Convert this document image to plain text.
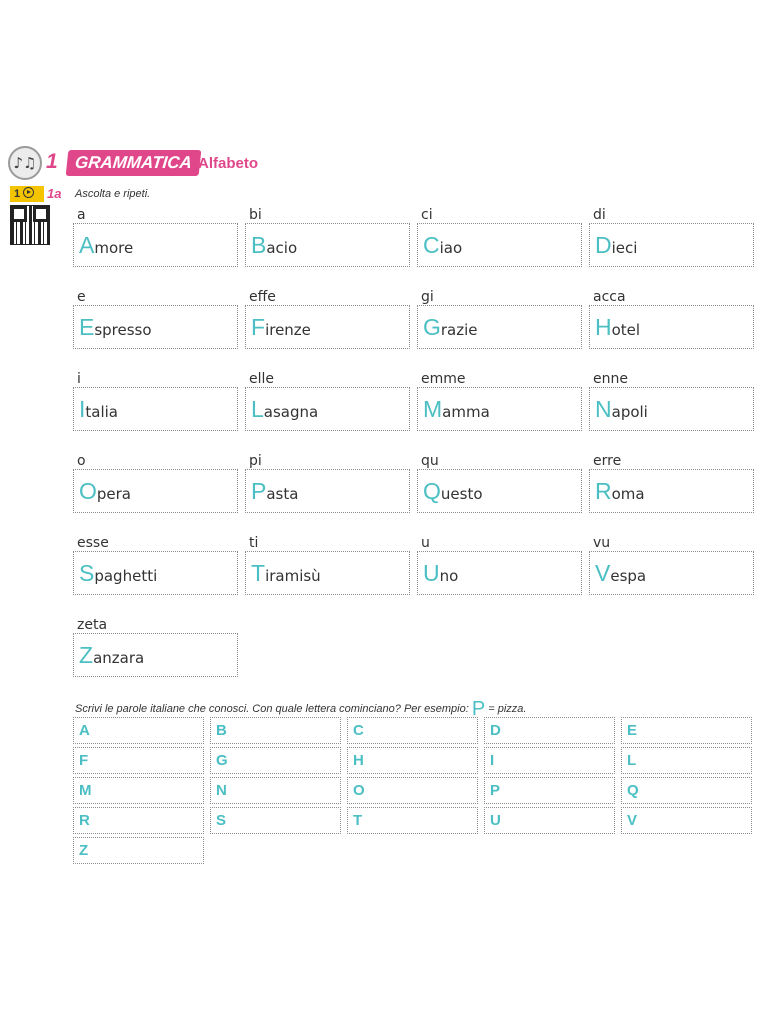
♪♫ 1 GRAMMATICA Alfabeto
1	1a Ascolta e ripeti.
a
Amore
bi
Bacio
ci
Ciao
di
Dieci
e
Espresso
effe
Firenze
gi
Grazie
acca
Hotel
i
Italia
elle
Lasagna
emme
Mamma
enne
Napoli
o
Opera
pi
Pasta
qu
Questo
erre
Roma
esse
Spaghetti
ti
Tiramisù
u
Uno
vu
Vespa
zeta
Zanzara
Scrivi le parole italiane che conosci. Con quale lettera cominciano? Per esempio: P = pizza.
A	B	C	D	E
F	G	H	I	L
M	N	O	P	Q
R	S	T	U	V
Z
